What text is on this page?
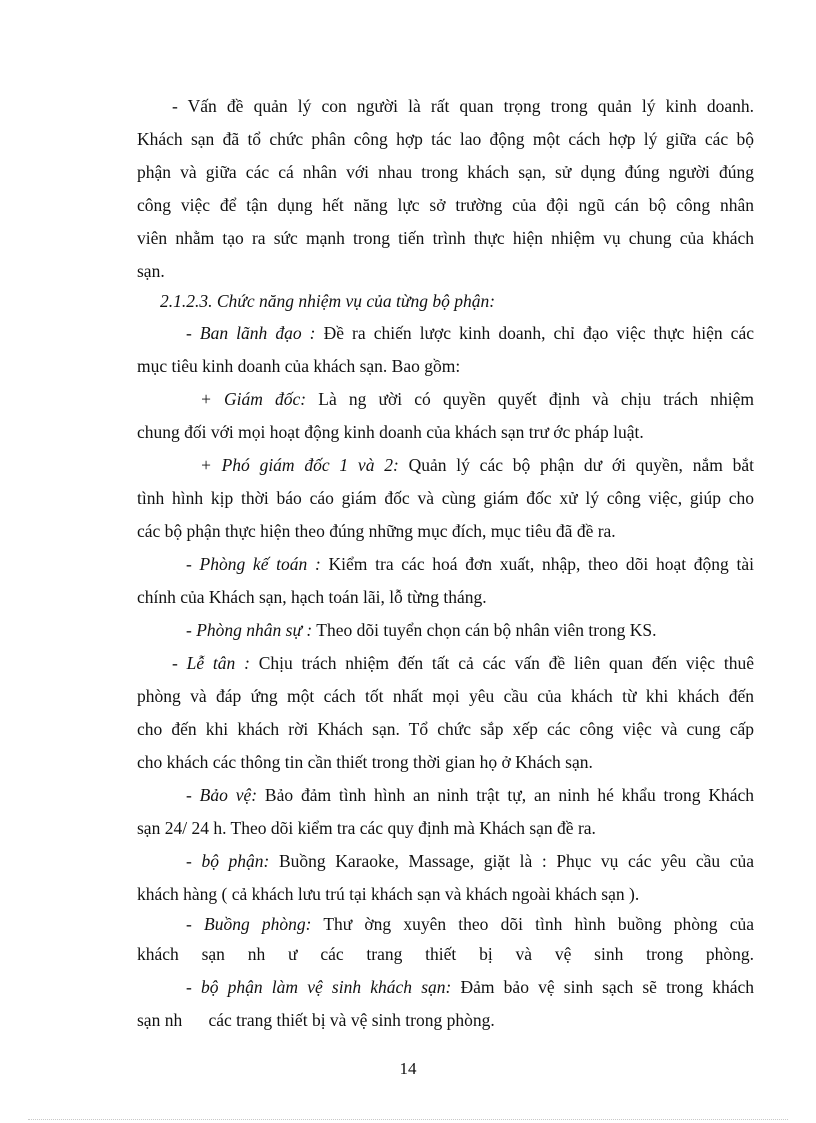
- Vấn đề quản lý con người là rất quan trọng trong quản lý kinh doanh.
Khách sạn đã tổ chức phân công hợp tác lao động một cách hợp lý giữa các bộ
phận và giữa các cá nhân với nhau trong khách sạn, sử dụng đúng người đúng
công việc để tận dụng hết năng lực sở trường của đội ngũ cán bộ công nhân
viên nhằm tạo ra sức mạnh trong tiến trình thực hiện nhiệm vụ chung của khách
sạn.
2.1.2.3. Chức năng nhiệm vụ của từng bộ phận:
- Ban lãnh đạo : Đề ra chiến lược kinh doanh, chỉ đạo việc thực hiện các
mục tiêu kinh doanh của khách sạn. Bao gồm:
+ Giám đốc: Là ng ười có quyền quyết định và chịu trách nhiệm
chung đối với mọi hoạt động kinh doanh của khách sạn trư ớc pháp luật.
+ Phó giám đốc 1 và 2: Quản lý các bộ phận dư ới quyền, nắm bắt
tình hình kịp thời báo cáo giám đốc và cùng giám đốc xử lý công việc, giúp cho
các bộ phận thực hiện theo đúng những mục đích, mục tiêu đã đề ra.
- Phòng kế toán : Kiểm tra các hoá đơn xuất, nhập, theo dõi hoạt động tài
chính của Khách sạn, hạch toán lãi, lỗ từng tháng.
- Phòng nhân sự : Theo dõi tuyển chọn cán bộ nhân viên trong KS.
- Lễ tân : Chịu trách nhiệm đến tất cả các vấn đề liên quan đến việc thuê
phòng và đáp ứng một cách tốt nhất mọi yêu cầu của khách từ khi khách đến
cho đến khi khách rời Khách sạn. Tổ chức sắp xếp các công việc và cung cấp
cho khách các thông tin cần thiết trong thời gian họ ở Khách sạn.
- Bảo vệ: Bảo đảm tình hình an ninh trật tự, an ninh hé khẩu trong Khách
sạn 24/ 24 h. Theo dõi kiểm tra các quy định mà Khách sạn đề ra.
- bộ phận: Buồng Karaoke, Massage, giặt là : Phục vụ các yêu cầu của
khách hàng ( cả khách lưu trú tại khách sạn và khách ngoài khách sạn ).
- Buồng phòng: Thư ờng xuyên theo dõi tình hình buồng phòng của
khách sạn nh ư các trang thiết bị và vệ sinh trong phòng.
- bộ phận làm vệ sinh khách sạn: Đảm bảo vệ sinh sạch sẽ trong khách
sạn nh      các trang thiết bị và vệ sinh trong phòng.
14
